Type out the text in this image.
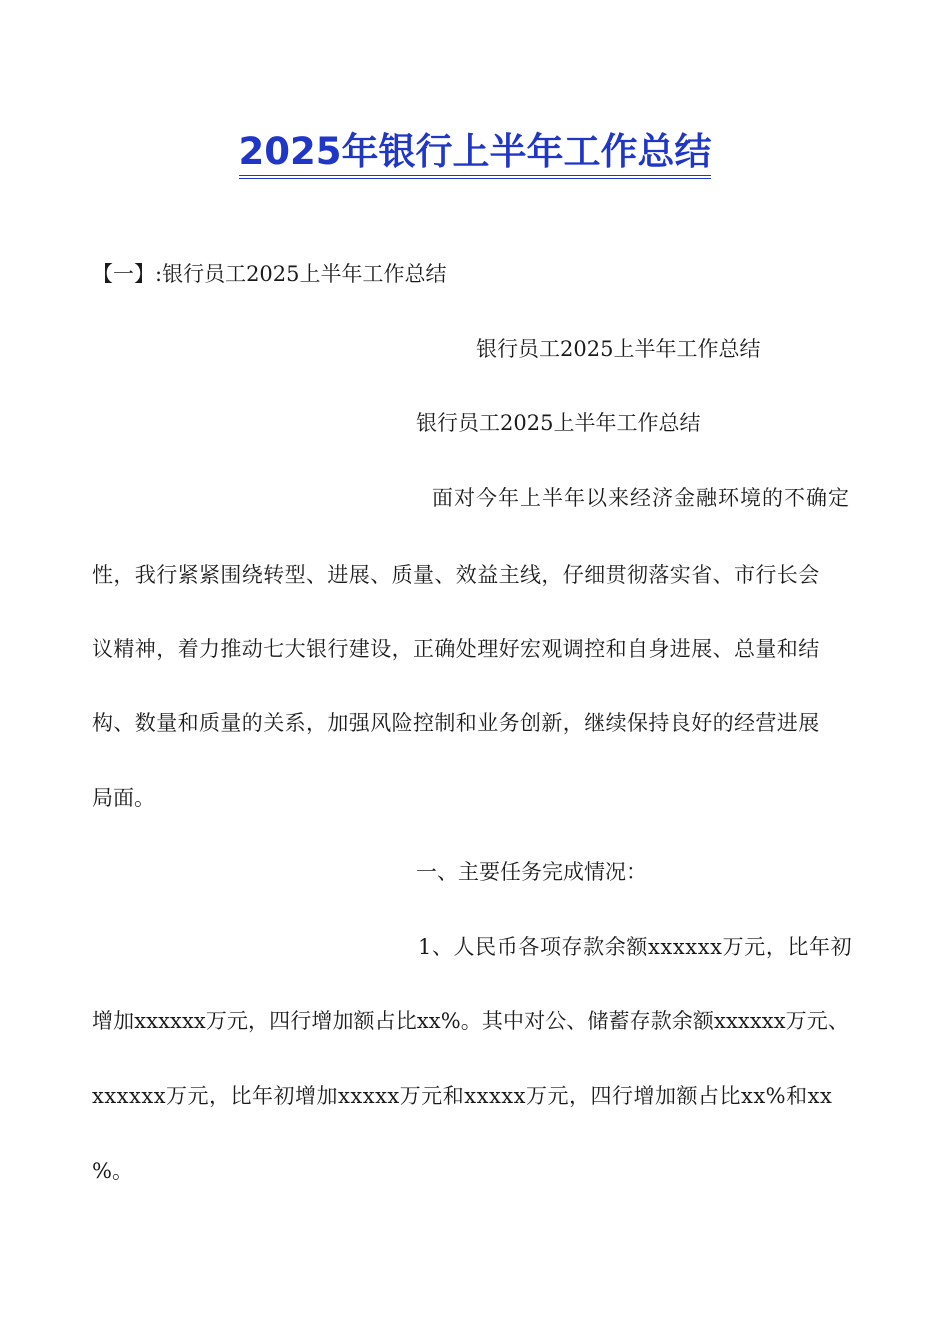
2025年银行上半年工作总结
【一】:银行员工2025上半年工作总结
银行员工2025上半年工作总结
银行员工2025上半年工作总结
面对今年上半年以来经济金融环境的不确定
性，我行紧紧围绕转型、进展、质量、效益主线，仔细贯彻落实省、市行长会
议精神，着力推动七大银行建设，正确处理好宏观调控和自身进展、总量和结
构、数量和质量的关系，加强风险控制和业务创新，继续保持良好的经营进展
局面。
一、主要任务完成情况：
1、人民币各项存款余额xxxxxx万元，比年初
增加xxxxxx万元，四行增加额占比xx%。其中对公、储蓄存款余额xxxxxx万元、
xxxxxx万元，比年初增加xxxxx万元和xxxxx万元，四行增加额占比xx%和xx
%。
